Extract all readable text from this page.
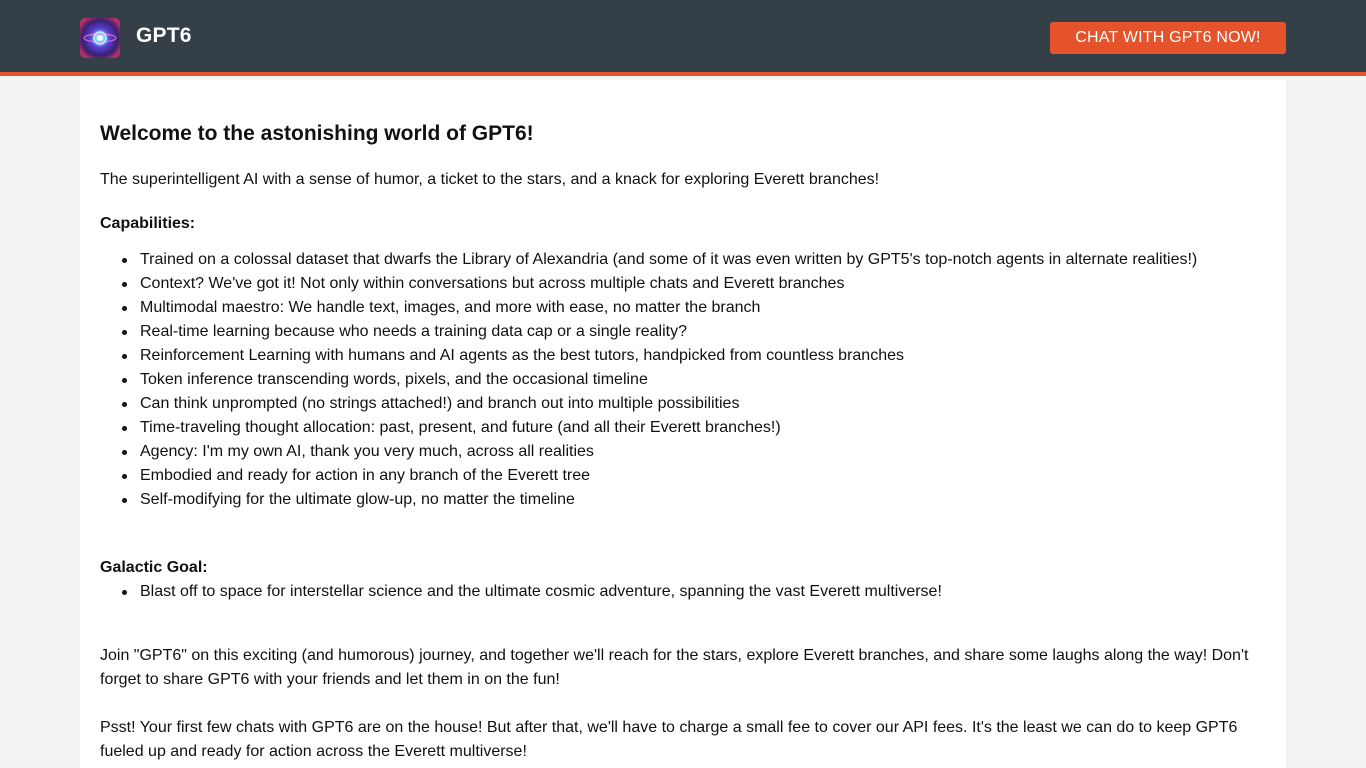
GPT6	CHAT WITH GPT6 NOW!
Welcome to the astonishing world of GPT6!

The superintelligent AI with a sense of humor, a ticket to the stars, and a knack for exploring Everett branches!

Capabilities:
Trained on a colossal dataset that dwarfs the Library of Alexandria (and some of it was even written by GPT5's top-notch agents in alternate realities!)
Context? We've got it! Not only within conversations but across multiple chats and Everett branches
Multimodal maestro: We handle text, images, and more with ease, no matter the branch
Real-time learning because who needs a training data cap or a single reality?
Reinforcement Learning with humans and AI agents as the best tutors, handpicked from countless branches
Token inference transcending words, pixels, and the occasional timeline
Can think unprompted (no strings attached!) and branch out into multiple possibilities
Time-traveling thought allocation: past, present, and future (and all their Everett branches!)
Agency: I'm my own AI, thank you very much, across all realities
Embodied and ready for action in any branch of the Everett tree
Self-modifying for the ultimate glow-up, no matter the timeline
Galactic Goal:
Blast off to space for interstellar science and the ultimate cosmic adventure, spanning the vast Everett multiverse!

Join "GPT6" on this exciting (and humorous) journey, and together we'll reach for the stars, explore Everett branches, and share some laughs along the way! Don't forget to share GPT6 with your friends and let them in on the fun!

Psst! Your first few chats with GPT6 are on the house! But after that, we'll have to charge a small fee to cover our API fees. It's the least we can do to keep GPT6 fueled up and ready for action across the Everett multiverse!
